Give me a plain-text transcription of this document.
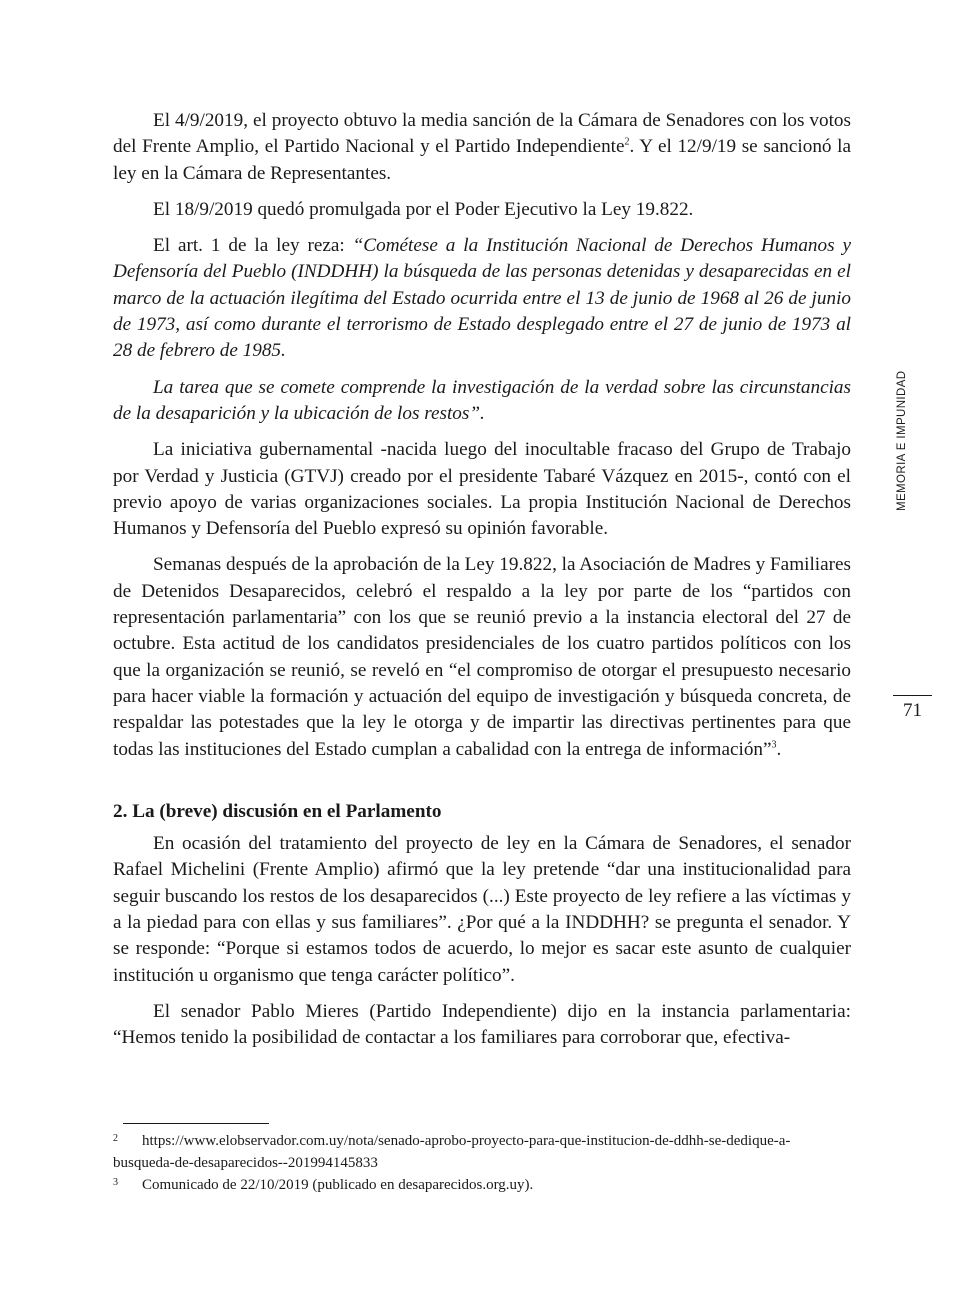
El 4/9/2019, el proyecto obtuvo la media sanción de la Cámara de Senadores con los votos del Frente Amplio, el Partido Nacional y el Partido Independiente$^2$. Y el 12/9/19 se sancionó la ley en la Cámara de Representantes.

El 18/9/2019 quedó promulgada por el Poder Ejecutivo la Ley 19.822.

El art. 1 de la ley reza: “Cométese a la Institución Nacional de Derechos Humanos y Defensoría del Pueblo (INDDHH) la búsqueda de las personas detenidas y desaparecidas en el marco de la actuación ilegítima del Estado ocurrida entre el 13 de junio de 1968 al 26 de junio de 1973, así como durante el terrorismo de Estado desplegado entre el 27 de junio de 1973 al 28 de febrero de 1985.

La tarea que se comete comprende la investigación de la verdad sobre las circunstancias de la desaparición y la ubicación de los restos”.

La iniciativa gubernamental -nacida luego del inocultable fracaso del Grupo de Trabajo por Verdad y Justicia (GTVJ) creado por el presidente Tabaré Vázquez en 2015-, contó con el previo apoyo de varias organizaciones sociales. La propia Institución Nacional de Derechos Humanos y Defensoría del Pueblo expresó su opinión favorable.

Semanas después de la aprobación de la Ley 19.822, la Asociación de Madres y Familiares de Detenidos Desaparecidos, celebró el respaldo a la ley por parte de los “partidos con representación parlamentaria” con los que se reunió previo a la instancia electoral del 27 de octubre. Esta actitud de los candidatos presidenciales de los cuatro partidos políticos con los que la organización se reunió, se reveló en “el compromiso de otorgar el presupuesto necesario para hacer viable la formación y actuación del equipo de investigación y búsqueda concreta, de respaldar las potestades que la ley le otorga y de impartir las directivas pertinentes para que todas las instituciones del Estado cumplan a cabalidad con la entrega de información”$^3$.

2. La (breve) discusión en el Parlamento

En ocasión del tratamiento del proyecto de ley en la Cámara de Senadores, el senador Rafael Michelini (Frente Amplio) afirmó que la ley pretende “dar una institucionalidad para seguir buscando los restos de los desaparecidos (...) Este proyecto de ley refiere a las víctimas y a la piedad para con ellas y sus familiares”. ¿Por qué a la INDDHH? se pregunta el senador. Y se responde: “Porque si estamos todos de acuerdo, lo mejor es sacar este asunto de cualquier institución u organismo que tenga carácter político”.

El senador Pablo Mieres (Partido Independiente) dijo en la instancia parlamentaria: “Hemos tenido la posibilidad de contactar a los familiares para corroborar que, efectiva-

2 https://www.elobservador.com.uy/nota/senado-aprobo-proyecto-para-que-institucion-de-ddhh-se-dedique-a-busqueda-de-desaparecidos--201994145833

3 Comunicado de 22/10/2019 (publicado en desaparecidos.org.uy).

MEMORIA E IMPUNIDAD
71
